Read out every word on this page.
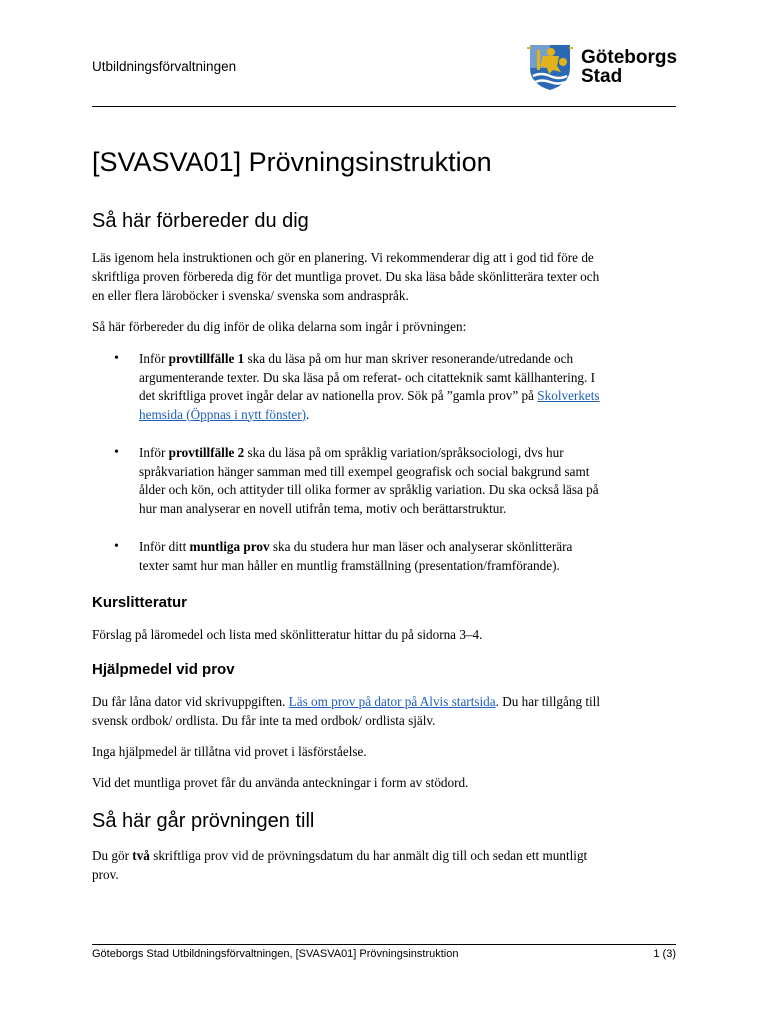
Utbildningsförvaltningen	Göteborgs
Stad
[SVASVA01] Prövningsinstruktion
Så här förbereder du dig

Läs igenom hela instruktionen och gör en planering. Vi rekommenderar dig att i god tid före de skriftliga proven förbereda dig för det muntliga provet. Du ska läsa både skönlitterära texter och en eller flera läroböcker i svenska/ svenska som andraspråk.

Så här förbereder du dig inför de olika delarna som ingår i prövningen:

• Inför provtillfälle 1 ska du läsa på om hur man skriver resonerande/utredande och argumenterande texter. Du ska läsa på om referat- och citatteknik samt källhantering. I det skriftliga provet ingår delar av nationella prov. Sök på ”gamla prov” på Skolverkets hemsida (Öppnas i nytt fönster).
• Inför provtillfälle 2 ska du läsa på om språklig variation/språksociologi, dvs hur språkvariation hänger samman med till exempel geografisk och social bakgrund samt ålder och kön, och attityder till olika former av språklig variation. Du ska också läsa på hur man analyserar en novell utifrån tema, motiv och berättarstruktur.
• Inför ditt muntliga prov ska du studera hur man läser och analyserar skönlitterära texter samt hur man håller en muntlig framställning (presentation/framförande).
Kurslitteratur

Förslag på läromedel och lista med skönlitteratur hittar du på sidorna 3–4.

Hjälpmedel vid prov

Du får låna dator vid skrivuppgiften. Läs om prov på dator på Alvis startsida. Du har tillgång till svensk ordbok/ ordlista. Du får inte ta med ordbok/ ordlista själv.

Inga hjälpmedel är tillåtna vid provet i läsförståelse.

Vid det muntliga provet får du använda anteckningar i form av stödord.

Så här går prövningen till

Du gör två skriftliga prov vid de prövningsdatum du har anmält dig till och sedan ett muntligt prov.

Göteborgs Stad Utbildningsförvaltningen, [SVASVA01] Prövningsinstruktion	1 (3)
